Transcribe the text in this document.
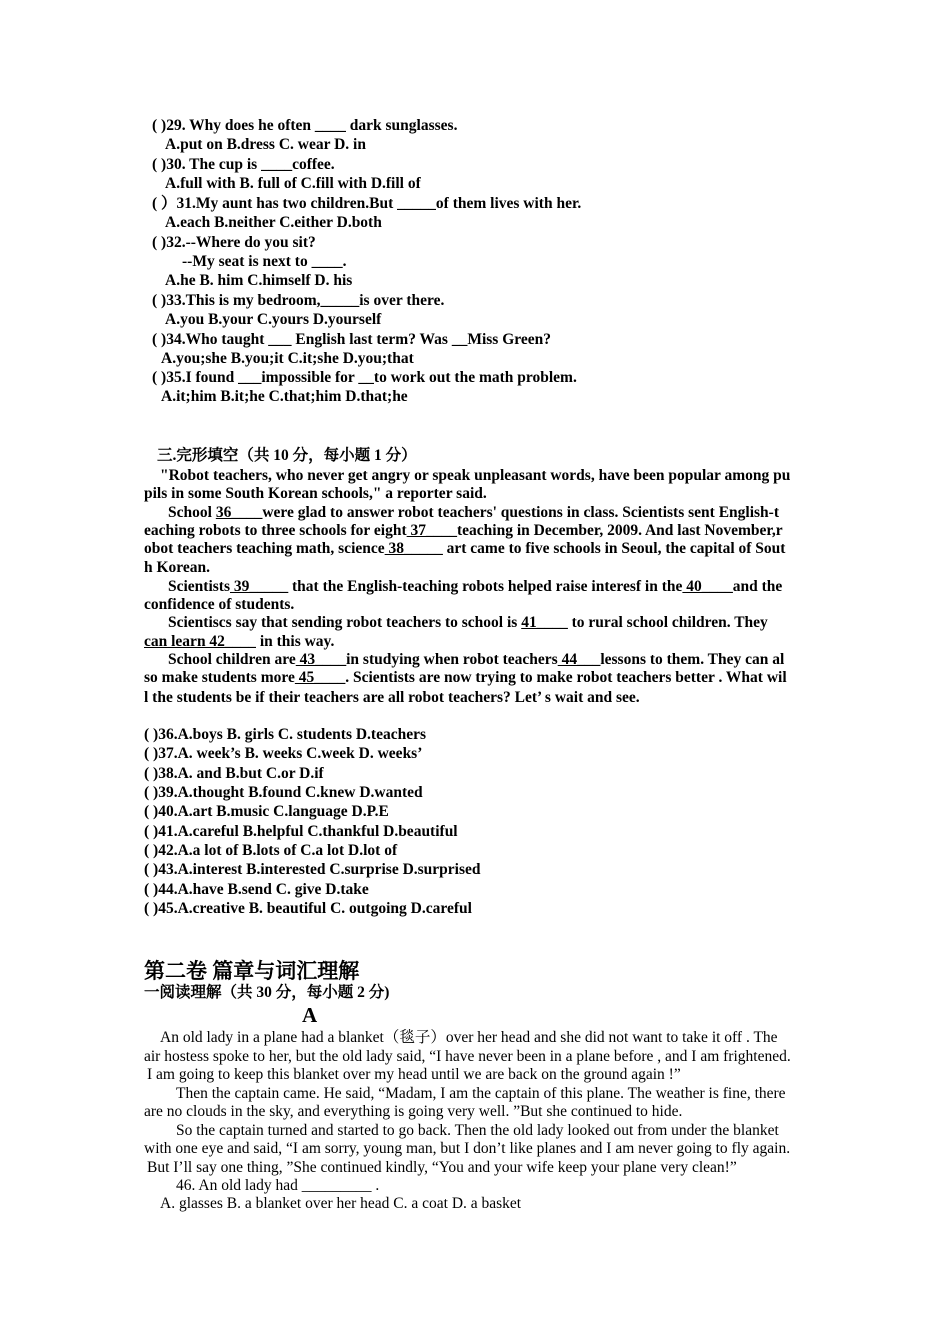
( )29. Why does he often ____ dark sunglasses.
A.put on B.dress C. wear D. in
( )30. The cup is ____coffee.
A.full with B. full of C.fill with D.fill of
( ）31.My aunt has two children.But _____of them lives with her.
A.each B.neither C.either D.both
( )32.--Where do you sit?
--My seat is next to ____.
A.he B. him C.himself D. his
( )33.This is my bedroom,_____is over there.
A.you B.your C.yours D.yourself
( )34.Who taught ___ English last term? Was __Miss Green?
A.you;she B.you;it C.it;she D.you;that
( )35.I found ___impossible for __to work out the math problem.
A.it;him B.it;he C.that;him D.that;he
三.完形填空（共 10 分，每小题 1 分）
"Robot teachers, who never get angry or speak unpleasant words, have been popular among pu
pils in some South Korean schools," a reporter said.
School 36____were glad to answer robot teachers' questions in class. Scientists sent English-t
eaching robots to three schools for eight 37____teaching in December, 2009. And last November,r
obot teachers teaching math, science 38_____ art came to five schools in Seoul, the capital of Sout
h Korean.
Scientists 39_____ that the English-teaching robots helped raise interesf in the 40____and the
confidence of students.
Scientiscs say that sending robot teachers to school is 41____ to rural school children. They
can learn 42____ in this way.
School children are 43____in studying when robot teachers 44___lessons to them. They can al
so make students more 45____. Scientists are now trying to make robot teachers better . What wil
l the students be if their teachers are all robot teachers? Let’ s wait and see.
( )36.A.boys B. girls C. students D.teachers
( )37.A. week’s B. weeks C.week D. weeks’
( )38.A. and B.but C.or D.if
( )39.A.thought B.found C.knew D.wanted
( )40.A.art B.music C.language D.P.E
( )41.A.careful B.helpful C.thankful D.beautiful
( )42.A.a lot of B.lots of C.a lot D.lot of
( )43.A.interest B.interested C.surprise D.surprised
( )44.A.have B.send C. give D.take
( )45.A.creative B. beautiful C. outgoing D.careful
第二卷 篇章与词汇理解
一阅读理解（共 30 分，每小题 2 分)
A
An old lady in a plane had a blanket（毯子）over her head and she did not want to take it off . The
air hostess spoke to her, but the old lady said, “I have never been in a plane before , and I am frightened.
I am going to keep this blanket over my head until we are back on the ground again !”
Then the captain came. He said, “Madam, I am the captain of this plane. The weather is fine, there
are no clouds in the sky, and everything is going very well. ”But she continued to hide.
So the captain turned and started to go back. Then the old lady looked out from under the blanket
with one eye and said, “I am sorry, young man, but I don’t like planes and I am never going to fly again.
But I’ll say one thing, ”She continued kindly, “You and your wife keep your plane very clean!”
46. An old lady had _________ .
A. glasses B. a blanket over her head C. a coat D. a basket
